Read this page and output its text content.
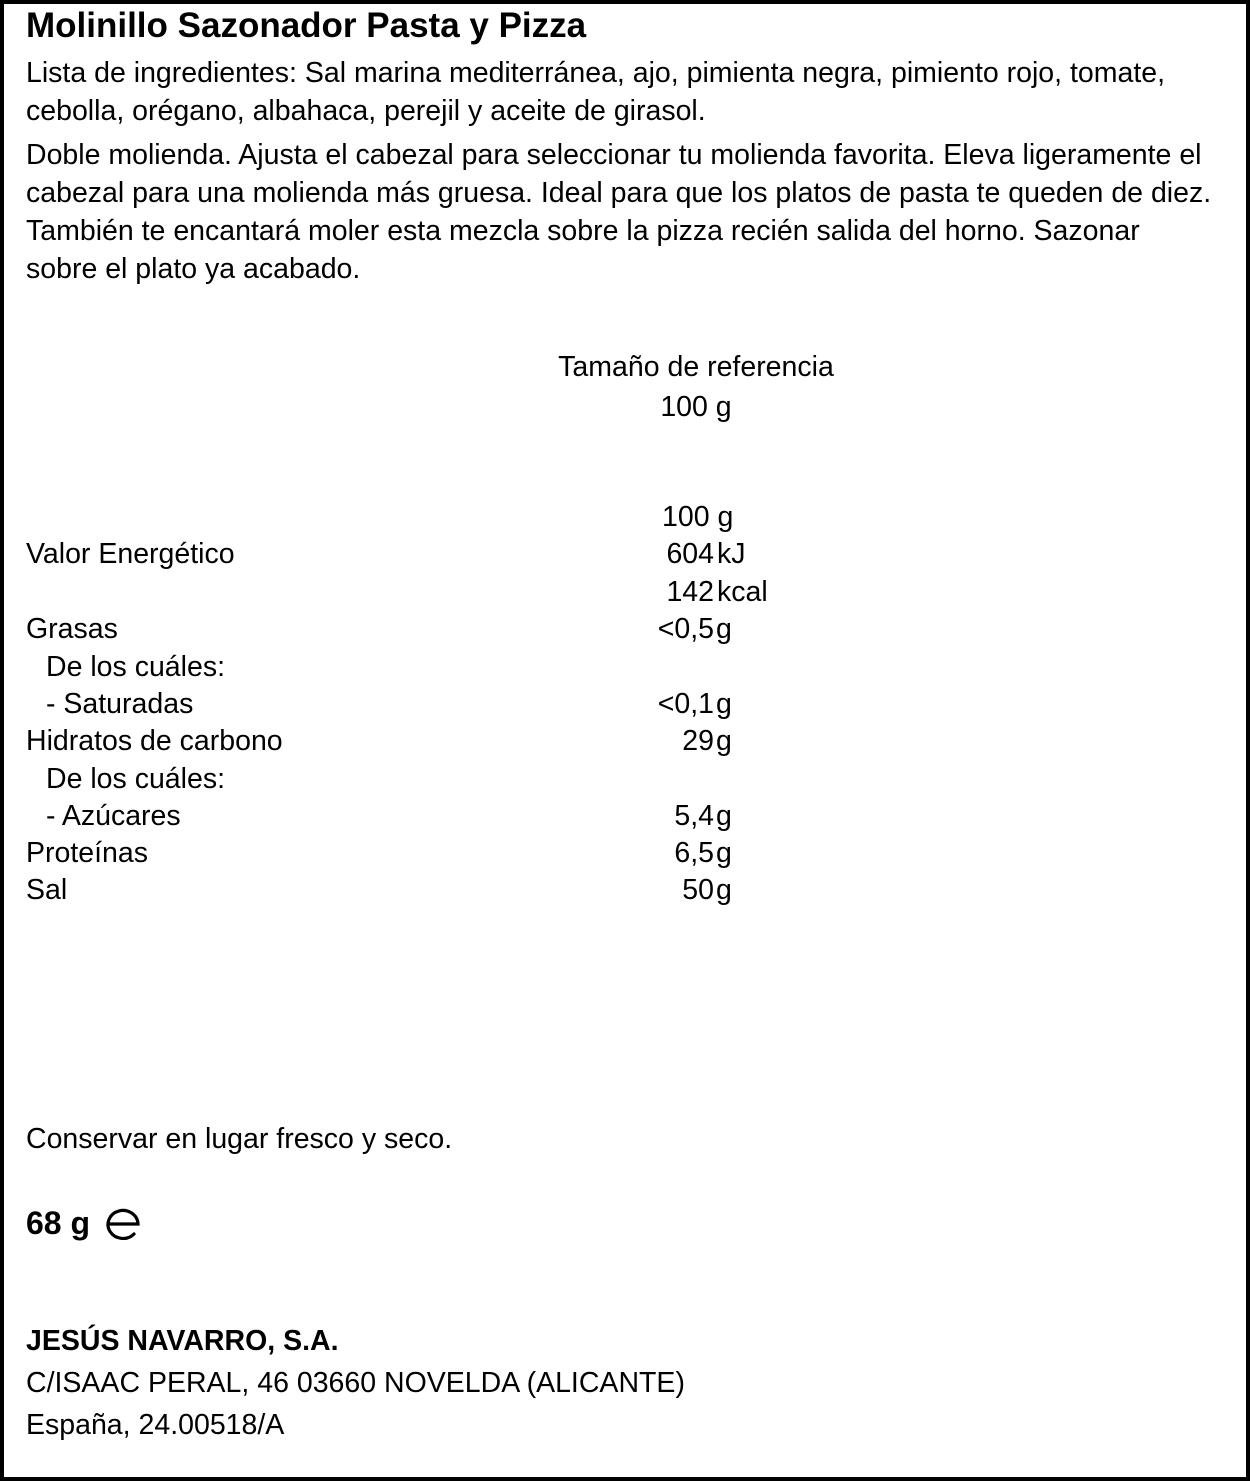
Molinillo Sazonador Pasta y Pizza
Lista de ingredientes: Sal marina mediterránea, ajo, pimienta negra, pimiento rojo, tomate, cebolla, orégano, albahaca, perejil y aceite de girasol.
Doble molienda. Ajusta el cabezal para seleccionar tu molienda favorita. Eleva ligeramente el cabezal para una molienda más gruesa. Ideal para que los platos de pasta te queden de diez. También te encantará moler esta mezcla sobre la pizza recién salida del horno. Sazonar sobre el plato ya acabado.
Tamaño de referencia
100 g
100 g
Valor Energético	604 kJ
142 kcal
Grasas	<0,5 g
De los cuáles:
- Saturadas	<0,1 g
Hidratos de carbono	29 g
De los cuáles:
- Azúcares	5,4 g
Proteínas	6,5 g
Sal	50 g
Conservar en lugar fresco y seco.
68 g
JESÚS NAVARRO, S.A.
C/ISAAC PERAL, 46 03660 NOVELDA (ALICANTE)
España, 24.00518/A
